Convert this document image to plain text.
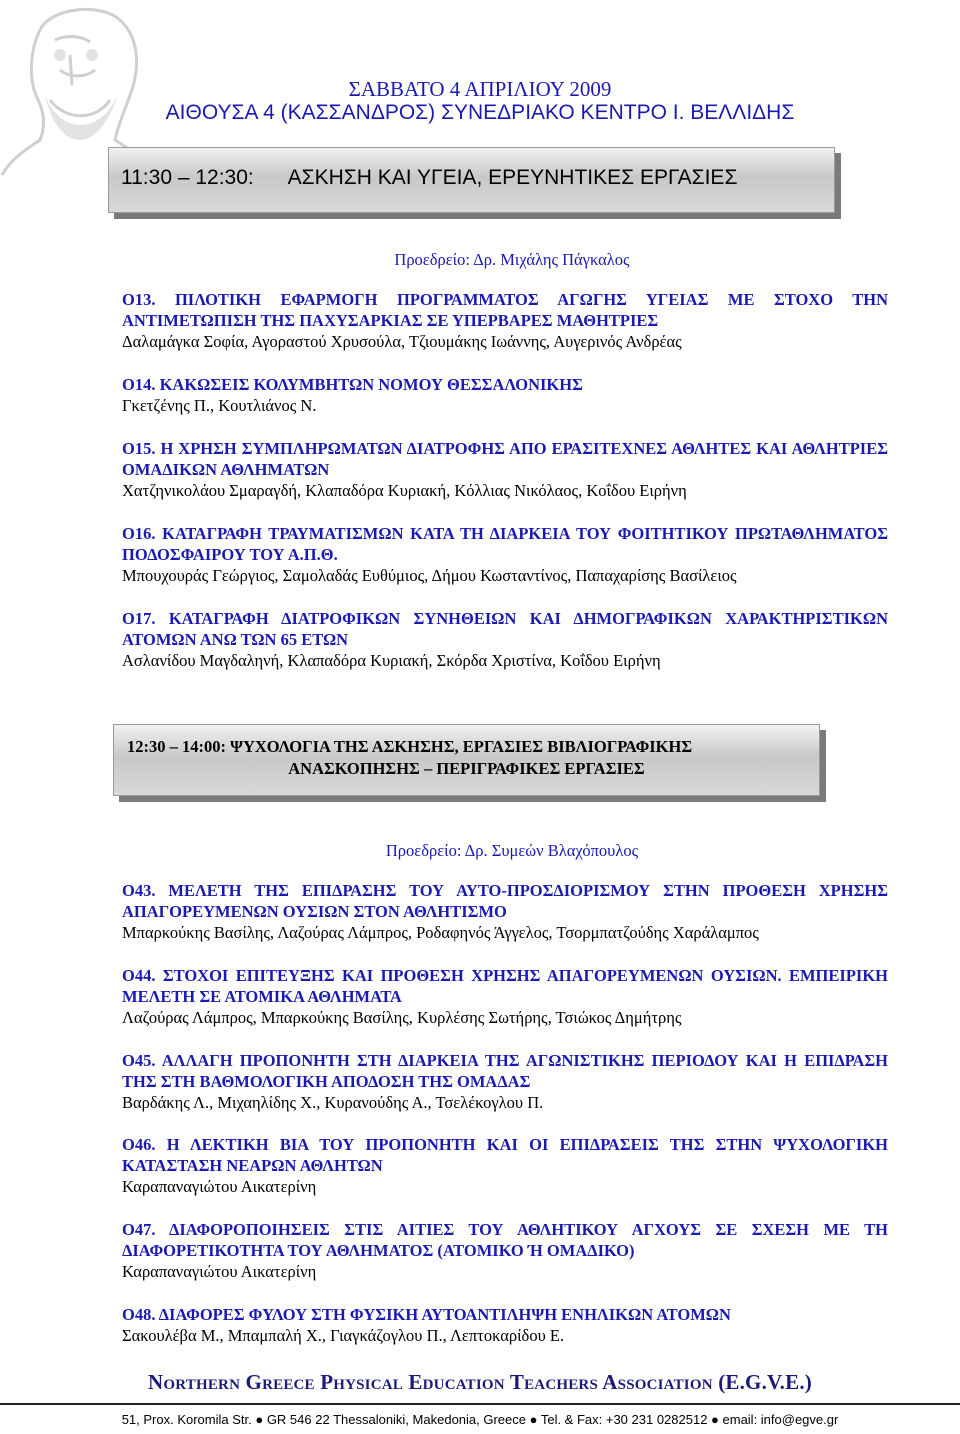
ΣΑΒΒΑΤΟ 4 ΑΠΡΙΛΙΟΥ 2009
ΑΙΘΟΥΣΑ 4 (ΚΑΣΣΑΝΔΡΟΣ) ΣΥΝΕΔΡΙΑΚΟ ΚΕΝΤΡΟ Ι. ΒΕΛΛΙΔΗΣ
11:30 – 12:30:      ΑΣΚΗΣΗ ΚΑΙ ΥΓΕΙΑ, ΕΡΕΥΝΗΤΙΚΕΣ ΕΡΓΑΣΙΕΣ
Προεδρείο: Δρ. Μιχάλης Πάγκαλος
Ο13. ΠΙΛΟΤΙΚΗ ΕΦΑΡΜΟΓΗ ΠΡΟΓΡΑΜΜΑΤΟΣ ΑΓΩΓΗΣ ΥΓΕΙΑΣ ΜΕ ΣΤΟΧΟ ΤΗΝ ΑΝΤΙΜΕΤΩΠΙΣΗ ΤΗΣ ΠΑΧΥΣΑΡΚΙΑΣ ΣΕ ΥΠΕΡΒΑΡΕΣ ΜΑΘΗΤΡΙΕΣ
Δαλαμάγκα Σοφία, Αγοραστού Χρυσούλα, Τζιουμάκης Ιωάννης, Αυγερινός Ανδρέας
Ο14. ΚΑΚΩΣΕΙΣ ΚΟΛΥΜΒΗΤΩΝ ΝΟΜΟΥ ΘΕΣΣΑΛΟΝΙΚΗΣ
Γκετζένης Π., Κουτλιάνος Ν.
Ο15. Η ΧΡΗΣΗ ΣΥΜΠΛΗΡΩΜΑΤΩΝ ΔΙΑΤΡΟΦΗΣ ΑΠΟ ΕΡΑΣΙΤΕΧΝΕΣ ΑΘΛΗΤΕΣ ΚΑΙ ΑΘΛΗΤΡΙΕΣ ΟΜΑΔΙΚΩΝ ΑΘΛΗΜΑΤΩΝ
Χατζηνικολάου Σμαραγδή, Κλαπαδόρα Κυριακή, Κόλλιας Νικόλαος, Κοΐδου Ειρήνη
Ο16. ΚΑΤΑΓΡΑΦΗ ΤΡΑΥΜΑΤΙΣΜΩΝ ΚΑΤΑ ΤΗ ΔΙΑΡΚΕΙΑ ΤΟΥ ΦΟΙΤΗΤΙΚΟΥ ΠΡΩΤΑΘΛΗΜΑΤΟΣ ΠΟΔΟΣΦΑΙΡΟΥ ΤΟΥ Α.Π.Θ.
Μπουχουράς Γεώργιος, Σαμολαδάς Ευθύμιος, Δήμου Κωσταντίνος, Παπαχαρίσης Βασίλειος
Ο17. ΚΑΤΑΓΡΑΦΗ ΔΙΑΤΡΟΦΙΚΩΝ ΣΥΝΗΘΕΙΩΝ ΚΑΙ ΔΗΜΟΓΡΑΦΙΚΩΝ ΧΑΡΑΚΤΗΡΙΣΤΙΚΩΝ ΑΤΟΜΩΝ ΑΝΩ ΤΩΝ 65 ΕΤΩΝ
Ασλανίδου Μαγδαληνή, Κλαπαδόρα Κυριακή, Σκόρδα Χριστίνα, Κοΐδου Ειρήνη
12:30 – 14:00: ΨΥΧΟΛΟΓΙΑ ΤΗΣ ΑΣΚΗΣΗΣ, ΕΡΓΑΣΙΕΣ ΒΙΒΛΙΟΓΡΑΦΙΚΗΣ
ΑΝΑΣΚΟΠΗΣΗΣ – ΠΕΡΙΓΡΑΦΙΚΕΣ ΕΡΓΑΣΙΕΣ
Προεδρείο: Δρ. Συμεών Βλαχόπουλος
Ο43. ΜΕΛΕΤΗ ΤΗΣ ΕΠΙΔΡΑΣΗΣ ΤΟΥ ΑΥΤΟ-ΠΡΟΣΔΙΟΡΙΣΜΟΥ ΣΤΗΝ ΠΡΟΘΕΣΗ ΧΡΗΣΗΣ ΑΠΑΓΟΡΕΥΜΕΝΩΝ ΟΥΣΙΩΝ ΣΤΟΝ ΑΘΛΗΤΙΣΜΟ
Μπαρκούκης Βασίλης, Λαζούρας Λάμπρος, Ροδαφηνός Άγγελος, Τσορμπατζούδης Χαράλαμπος
Ο44. ΣΤΟΧΟΙ ΕΠΙΤΕΥΞΗΣ ΚΑΙ ΠΡΟΘΕΣΗ ΧΡΗΣΗΣ ΑΠΑΓΟΡΕΥΜΕΝΩΝ ΟΥΣΙΩΝ. ΕΜΠΕΙΡΙΚΗ ΜΕΛΕΤΗ ΣΕ ΑΤΟΜΙΚΑ ΑΘΛΗΜΑΤΑ
Λαζούρας Λάμπρος, Μπαρκούκης Βασίλης, Κυρλέσης Σωτήρης, Τσιώκος Δημήτρης
Ο45. ΑΛΛΑΓΗ ΠΡΟΠΟΝΗΤΗ ΣΤΗ ΔΙΑΡΚΕΙΑ ΤΗΣ ΑΓΩΝΙΣΤΙΚΗΣ ΠΕΡΙΟΔΟΥ ΚΑΙ Η ΕΠΙΔΡΑΣΗ ΤΗΣ ΣΤΗ ΒΑΘΜΟΛΟΓΙΚΗ ΑΠΟΔΟΣΗ ΤΗΣ ΟΜΑΔΑΣ
Βαρδάκης Λ., Μιχαηλίδης Χ., Κυρανούδης Α., Τσελέκογλου Π.
Ο46. Η ΛΕΚΤΙΚΗ ΒΙΑ ΤΟΥ ΠΡΟΠΟΝΗΤΗ ΚΑΙ ΟΙ ΕΠΙΔΡΑΣΕΙΣ ΤΗΣ ΣΤΗΝ ΨΥΧΟΛΟΓΙΚΗ ΚΑΤΑΣΤΑΣΗ ΝΕΑΡΩΝ ΑΘΛΗΤΩΝ
Καραπαναγιώτου Αικατερίνη
Ο47. ΔΙΑΦΟΡΟΠΟΙΗΣΕΙΣ ΣΤΙΣ ΑΙΤΙΕΣ ΤΟΥ ΑΘΛΗΤΙΚΟΥ ΑΓΧΟΥΣ ΣΕ ΣΧΕΣΗ ΜΕ ΤΗ ΔΙΑΦΟΡΕΤΙΚΟΤΗΤΑ ΤΟΥ ΑΘΛΗΜΑΤΟΣ (ΑΤΟΜΙΚΟ Ή ΟΜΑΔΙΚΟ)
Καραπαναγιώτου Αικατερίνη
Ο48. ΔΙΑΦΟΡΕΣ ΦΥΛΟΥ ΣΤΗ ΦΥΣΙΚΗ ΑΥΤΟΑΝΤΙΛΗΨΗ ΕΝΗΛΙΚΩΝ ΑΤΟΜΩΝ
Σακουλέβα Μ., Μπαμπαλή Χ., Γιαγκάζογλου Π., Λεπτοκαρίδου Ε.
Northern Greece Physical Education Teachers Association (E.G.V.E.)
51, Prox. Koromila Str. ● GR 546 22 Thessaloniki, Makedonia, Greece ● Tel. & Fax: +30 231 0282512 ● email: info@egve.gr
